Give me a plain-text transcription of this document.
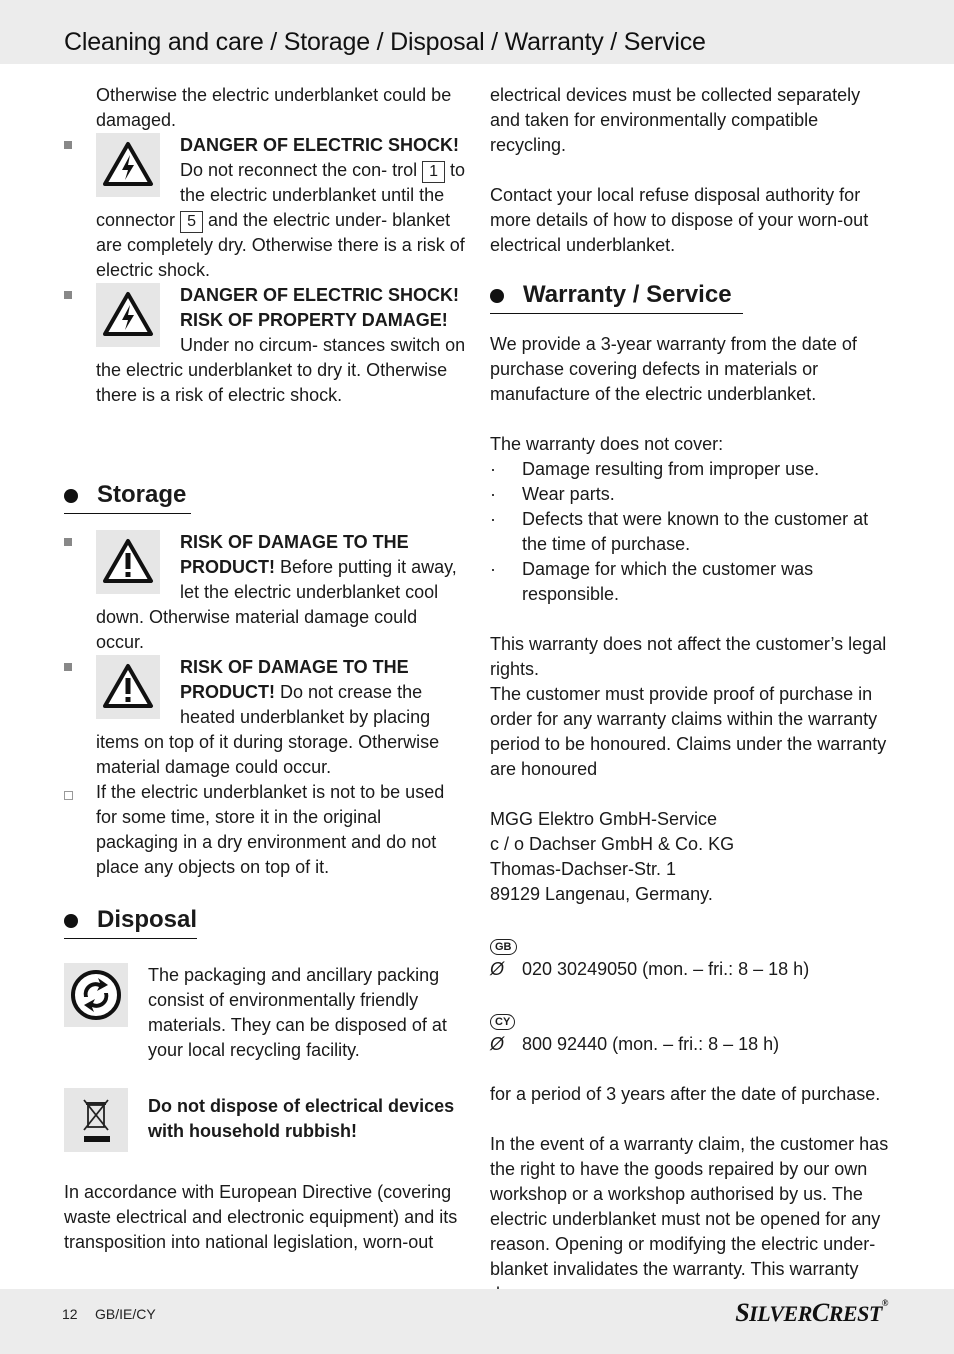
Cleaning and care / Storage / Disposal / Warranty / Service

Otherwise the electric underblanket could be damaged.

DANGER OF ELECTRIC SHOCK! Do not reconnect the con- trol 1 to the electric underblanket until the connector 5 and the electric under- blanket are completely dry. Otherwise there is a risk of electric shock.

DANGER OF ELECTRIC SHOCK! RISK OF PROPERTY DAMAGE! Under no circum- stances switch on the electric underblanket to dry it. Otherwise there is a risk of electric shock.

Storage

RISK OF DAMAGE TO THE PRODUCT! Before putting it away, let the electric underblanket cool down. Otherwise material damage could occur.

RISK OF DAMAGE TO THE PRODUCT! Do not crease the heated underblanket by placing items on top of it during storage. Otherwise material damage could occur.

If the electric underblanket is not to be used for some time, store it in the original packaging in a dry environment and do not place any objects on top of it.

Disposal

The packaging and ancillary packing consist of environmentally friendly materials. They can be disposed of at your local recycling facility.

Do not dispose of electrical devices with household rubbish!

In accordance with European Directive (covering waste electrical and electronic equipment) and its transposition into national legislation, worn-out

electrical devices must be collected separately and taken for environmentally compatible recycling.

Contact your local refuse disposal authority for more details of how to dispose of your worn-out electrical underblanket.

Warranty / Service

We provide a 3-year warranty from the date of purchase covering defects in materials or manufacture of the electric underblanket.

The warranty does not cover:

· Damage resulting from improper use.
· Wear parts.
· Defects that were known to the customer at the time of purchase.
· Damage for which the customer was responsible.

This warranty does not affect the customer’s legal rights.

The customer must provide proof of purchase in order for any warranty claims within the warranty period to be honoured. Claims under the warranty are honoured

MGG Elektro GmbH-Service

c / o Dachser GmbH & Co. KG

Thomas-Dachser-Str. 1

89129 Langenau, Germany.

GB

Ø 020 30249050 (mon. – fri.: 8 – 18 h)

CY

Ø 800 92440 (mon. – fri.: 8 – 18 h)

for a period of 3 years after the date of purchase.

In the event of a warranty claim, the customer has the right to have the goods repaired by our own workshop or a workshop authorised by us. The electric underblanket must not be opened for any reason. Opening or modifying the electric under- blanket invalidates the warranty. This warranty

12 GB/IE/CY	SILVERCREST®
